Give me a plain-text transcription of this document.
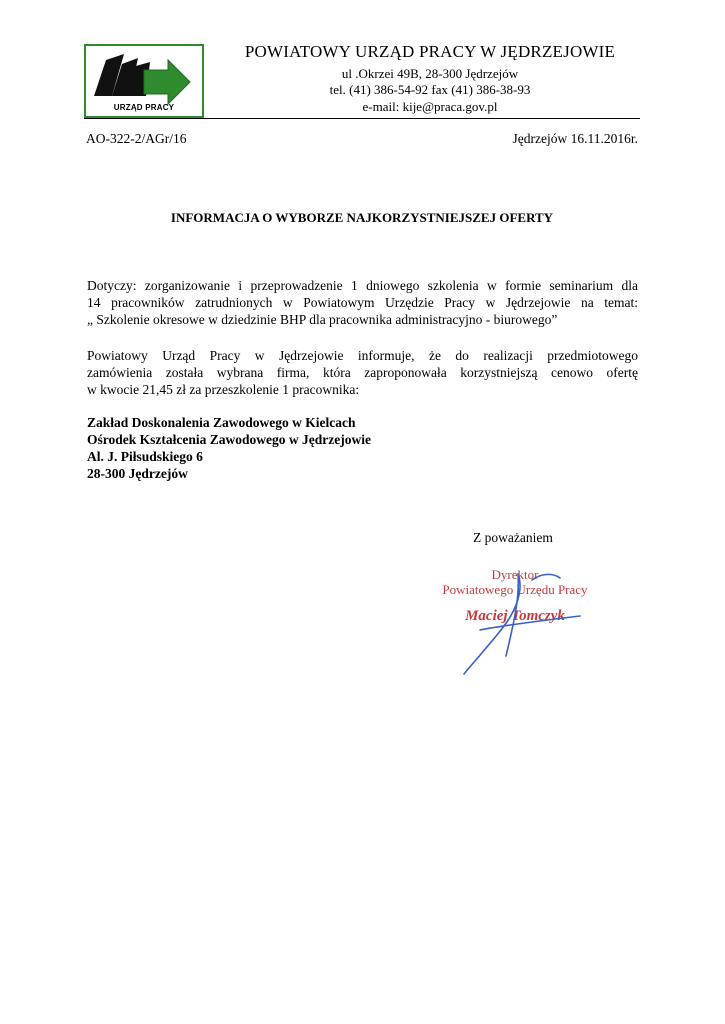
URZĄD PRACY
POWIATOWY URZĄD PRACY W JĘDRZEJOWIE
ul .Okrzei 49B, 28-300 Jędrzejów
tel. (41) 386-54-92 fax (41) 386-38-93
e-mail: kije@praca.gov.pl
AO-322-2/AGr/16	Jędrzejów 16.11.2016r.
INFORMACJA O WYBORZE NAJKORZYSTNIEJSZEJ OFERTY
Dotyczy: zorganizowanie i przeprowadzenie 1 dniowego szkolenia w formie seminarium dla
14 pracowników zatrudnionych w Powiatowym Urzędzie Pracy w Jędrzejowie na temat:
„ Szkolenie okresowe w dziedzinie BHP dla pracownika administracyjno - biurowego”
Powiatowy Urząd Pracy w Jędrzejowie informuje, że do realizacji przedmiotowego
zamówienia została wybrana firma, która zaproponowała korzystniejszą cenowo ofertę
w kwocie 21,45 zł za przeszkolenie 1 pracownika:
Zakład Doskonalenia Zawodowego w Kielcach
Ośrodek Kształcenia Zawodowego w Jędrzejowie
Al. J. Piłsudskiego 6
28-300 Jędrzejów
Z poważaniem
Dyrektor
Powiatowego Urzędu Pracy
Maciej Tomczyk
